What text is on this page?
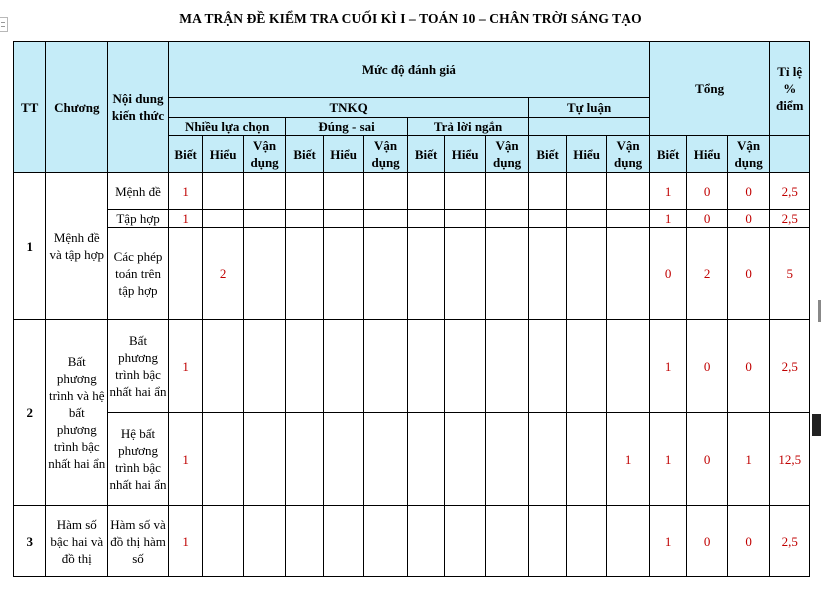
MA TRẬN ĐỀ KIỂM TRA CUỐI KÌ I – TOÁN 10 – CHÂN TRỜI SÁNG TẠO
TT	Chương	Nội dung kiến thức	Mức độ đánh giá												Tổng			Tỉ lệ % điểm
			TNKQ									Tự luận						
			Nhiều lựa chọn			Đúng - sai			Trả lời ngắn									
			Biết	Hiểu	Vận dụng	Biết	Hiểu	Vận dụng	Biết	Hiểu	Vận dụng	Biết	Hiểu	Vận dụng	Biết	Hiểu	Vận dụng	
1	Mệnh đề và tập hợp	Mệnh đề	1												1	0	0	2,5
		Tập hợp	1												1	0	0	2,5
		Các phép toán trên tập hợp		2											0	2	0	5
2	Bất phương trình và hệ bất phương trình bậc nhất hai ẩn	Bất phương trình bậc nhất hai ẩn	1												1	0	0	2,5
		Hệ bất phương trình bậc nhất hai ẩn	1											1	1	0	1	12,5
3	Hàm số bậc hai và đồ thị	Hàm số và đồ thị hàm số	1												1	0	0	2,5
